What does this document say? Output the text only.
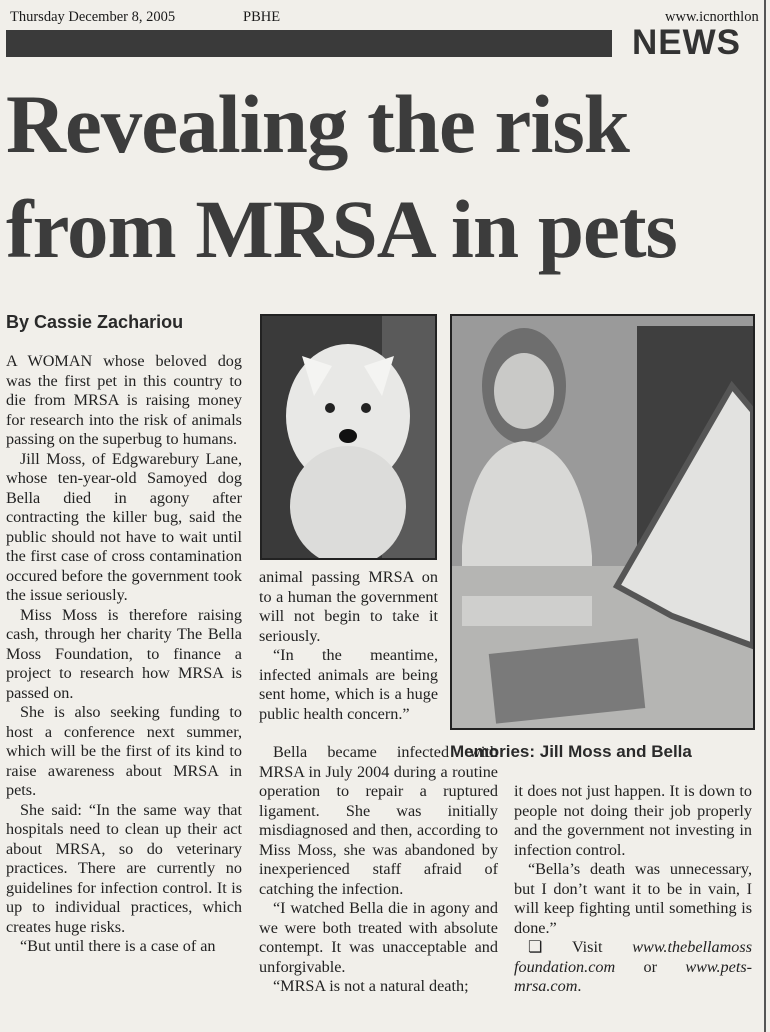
Thursday December 8, 2005	PBHE	www.icnorthlon
NEWS
Revealing the risk
from MRSA in pets
By Cassie Zachariou

A WOMAN whose beloved dog was the first pet in this country to die from MRSA is raising money for research into the risk of animals passing on the superbug to humans.

Jill Moss, of Edgwarebury Lane, whose ten-year-old Samoyed dog Bella died in agony after contracting the killer bug, said the public should not have to wait until the first case of cross contamination occured before the government took the issue seriously.

Miss Moss is therefore raising cash, through her charity The Bella Moss Foundation, to finance a project to research how MRSA is passed on.

She is also seeking funding to host a conference next summer, which will be the first of its kind to raise awareness about MRSA in pets.

She said: “In the same way that hospitals need to clean up their act about MRSA, so do veterinary practices. There are currently no guidelines for infection control. It is up to individual practices, which creates huge risks.

“But until there is a case of an

Memories: Jill Moss and Bella

animal passing MRSA on to a human the government will not begin to take it seriously.

“In the meantime, infected animals are being sent home, which is a huge public health concern.”

Bella became infected with MRSA in July 2004 during a routine operation to repair a ruptured ligament. She was initially misdiagnosed and then, according to Miss Moss, she was abandoned by inexperienced staff afraid of catching the infection.

“I watched Bella die in agony and we were both treated with absolute contempt. It was unacceptable and unforgivable.

“MRSA is not a natural death;

it does not just happen. It is down to people not doing their job properly and the government not investing in infection control.

“Bella’s death was unnecessary, but I don’t want it to be in vain, I will keep fighting until something is done.”

❏ Visit www.thebellamoss foundation.com or www.pets-mrsa.com.
